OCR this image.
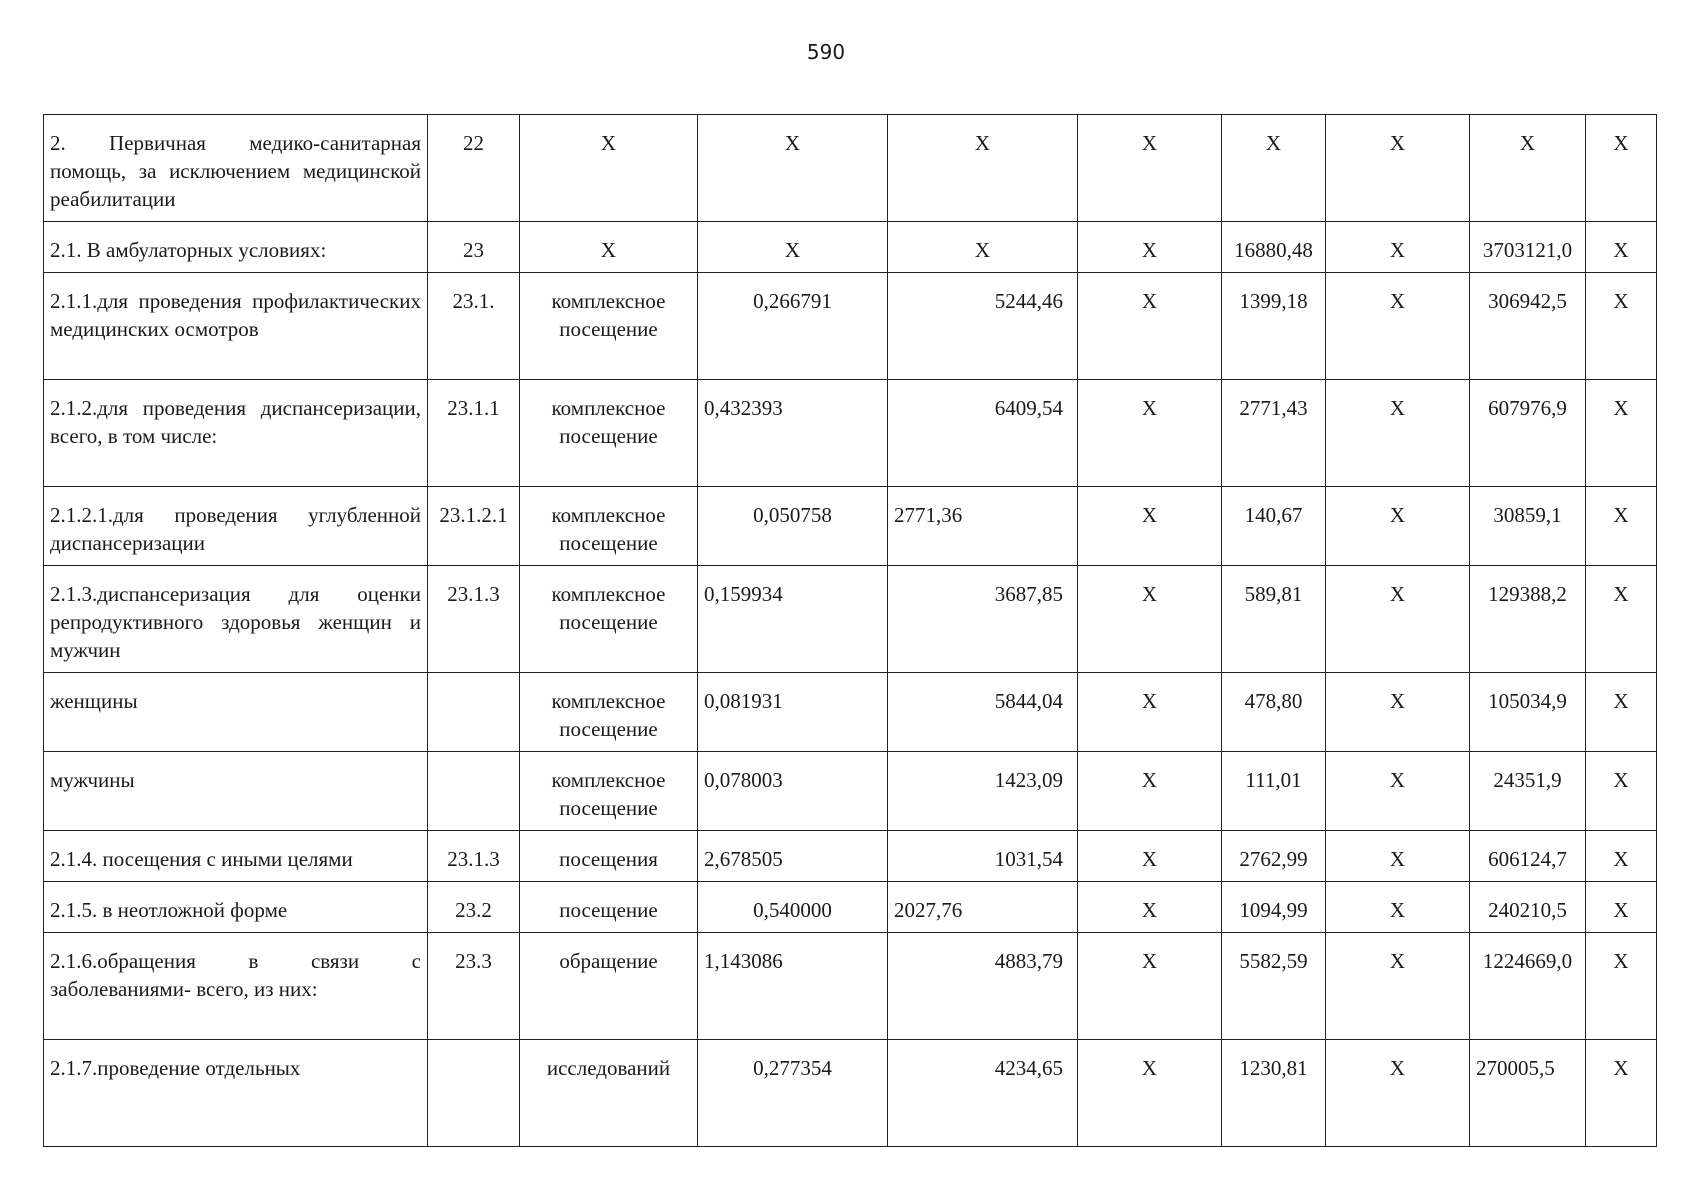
590
2. Первичная медико-санитарная помощь, за исключением медицинской реабилитации	22	Х	Х	Х	Х	Х	Х	Х	Х
2.1. В амбулаторных условиях:	23	Х	Х	Х	Х	16880,48	Х	3703121,0	Х
2.1.1.для проведения профилактических медицинских осмотров	23.1.	комплексное посещение	0,266791	5244,46	Х	1399,18	Х	306942,5	Х
2.1.2.для проведения диспансеризации, всего, в том числе:	23.1.1	комплексное посещение	0,432393	6409,54	Х	2771,43	Х	607976,9	Х
2.1.2.1.для проведения углубленной диспансеризации	23.1.2.1	комплексное посещение	0,050758	2771,36	Х	140,67	Х	30859,1	Х
2.1.3.диспансеризация для оценки репродуктивного здоровья женщин и мужчин	23.1.3	комплексное посещение	0,159934	3687,85	Х	589,81	Х	129388,2	Х
женщины		комплексное посещение	0,081931	5844,04	Х	478,80	Х	105034,9	Х
мужчины		комплексное посещение	0,078003	1423,09	Х	111,01	Х	24351,9	Х
2.1.4. посещения с иными целями	23.1.3	посещения	2,678505	1031,54	Х	2762,99	Х	606124,7	Х
2.1.5. в неотложной форме	23.2	посещение	0,540000	2027,76	Х	1094,99	Х	240210,5	Х
2.1.6.обращения в связи с заболеваниями- всего, из них:	23.3	обращение	1,143086	4883,79	Х	5582,59	Х	1224669,0	Х
2.1.7.проведение отдельных		исследований	0,277354	4234,65	Х	1230,81	Х	270005,5	Х
